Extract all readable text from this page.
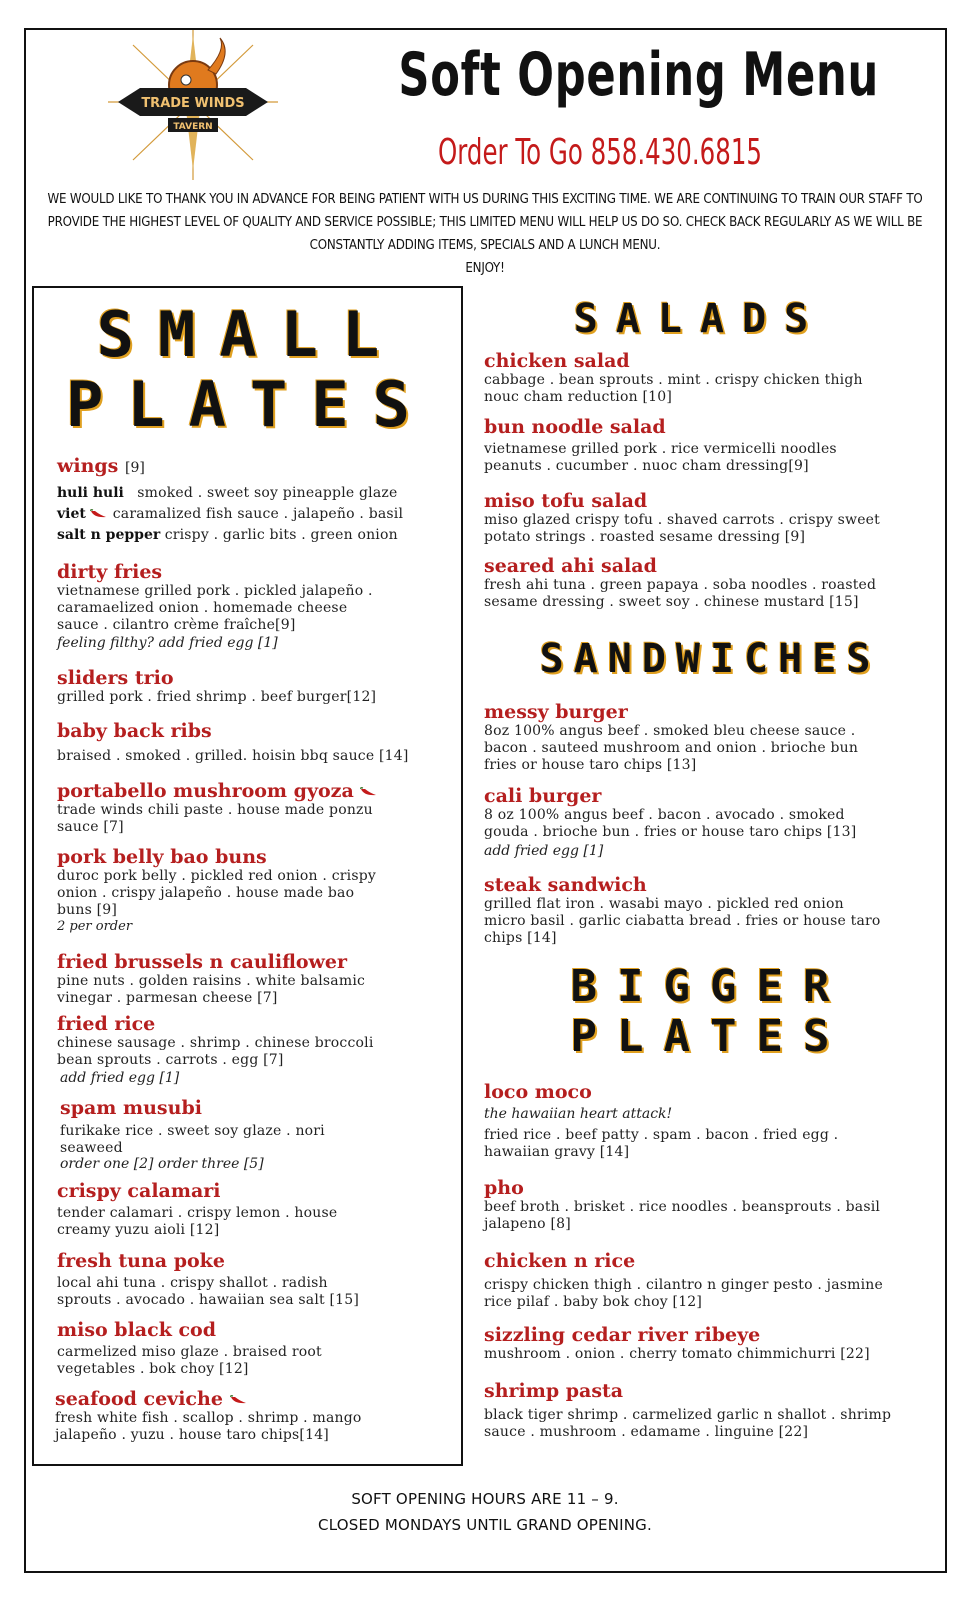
TRADE WINDS
TAVERN
Soft Opening Menu
Order To Go 858.430.6815
WE WOULD LIKE TO THANK YOU IN ADVANCE FOR BEING PATIENT WITH US DURING THIS EXCITING TIME. WE ARE CONTINUING TO TRAIN OUR STAFF TO
PROVIDE THE HIGHEST LEVEL OF QUALITY AND SERVICE POSSIBLE; THIS LIMITED MENU WILL HELP US DO SO. CHECK BACK REGULARLY AS WE WILL BE
CONSTANTLY ADDING ITEMS, SPECIALS AND A LUNCH MENU.
ENJOY!
SMALL
PLATES
wings [9]
huli huli smoked . sweet soy pineapple glaze
viet caramalized fish sauce . jalapeño . basil
salt n pepper crispy . garlic bits . green onion
dirty fries
vietnamese grilled pork . pickled jalapeño .
caramaelized onion . homemade cheese
sauce . cilantro crème fraîche[9]
feeling filthy? add fried egg [1]
sliders trio
grilled pork . fried shrimp . beef burger[12]
baby back ribs
braised . smoked . grilled. hoisin bbq sauce [14]
portabello mushroom gyoza
trade winds chili paste . house made ponzu
sauce [7]
pork belly bao buns
duroc pork belly . pickled red onion . crispy
onion . crispy jalapeño . house made bao
buns [9]
2 per order
fried brussels n cauliflower
pine nuts . golden raisins . white balsamic
vinegar . parmesan cheese [7]
fried rice
chinese sausage . shrimp . chinese broccoli
bean sprouts . carrots . egg [7]
add fried egg [1]
spam musubi
furikake rice . sweet soy glaze . nori
seaweed
order one [2] order three [5]
crispy calamari
tender calamari . crispy lemon . house
creamy yuzu aioli [12]
fresh tuna poke
local ahi tuna . crispy shallot . radish
sprouts . avocado . hawaiian sea salt [15]
miso black cod
carmelized miso glaze . braised root
vegetables . bok choy [12]
seafood ceviche
fresh white fish . scallop . shrimp . mango
jalapeño . yuzu . house taro chips[14]
SALADS
chicken salad
cabbage . bean sprouts . mint . crispy chicken thigh
nouc cham reduction [10]
bun noodle salad
vietnamese grilled pork . rice vermicelli noodles
peanuts . cucumber . nuoc cham dressing[9]
miso tofu salad
miso glazed crispy tofu . shaved carrots . crispy sweet
potato strings . roasted sesame dressing [9]
seared ahi salad
fresh ahi tuna . green papaya . soba noodles . roasted
sesame dressing . sweet soy . chinese mustard [15]
SANDWICHES
messy burger
8oz 100% angus beef . smoked bleu cheese sauce .
bacon . sauteed mushroom and onion . brioche bun
fries or house taro chips [13]
cali burger
8 oz 100% angus beef . bacon . avocado . smoked
gouda . brioche bun . fries or house taro chips [13]
add fried egg [1]
steak sandwich
grilled flat iron . wasabi mayo . pickled red onion
micro basil . garlic ciabatta bread . fries or house taro
chips [14]
BIGGER
PLATES
loco moco
the hawaiian heart attack!
fried rice . beef patty . spam . bacon . fried egg .
hawaiian gravy [14]
pho
beef broth . brisket . rice noodles . beansprouts . basil
jalapeno [8]
chicken n rice
crispy chicken thigh . cilantro n ginger pesto . jasmine
rice pilaf . baby bok choy [12]
sizzling cedar river ribeye
mushroom . onion . cherry tomato chimmichurri [22]
shrimp pasta
black tiger shrimp . carmelized garlic n shallot . shrimp
sauce . mushroom . edamame . linguine [22]
SOFT OPENING HOURS ARE 11 – 9.
CLOSED MONDAYS UNTIL GRAND OPENING.
